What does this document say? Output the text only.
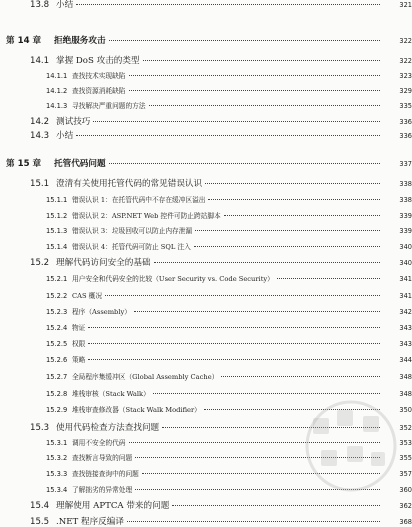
13.8 小结	321
第 14 章	拒绝服务攻击	322
14.1 掌握 DoS 攻击的类型	322
14.1.1 查找技术实现缺陷	323
14.1.2 查找资源消耗缺陷	329
14.1.3 寻找解决严重问题的方法	335
14.2 测试技巧	336
14.3 小结	336
第 15 章	托管代码问题	337
15.1 澄清有关使用托管代码的常见错误认识	338
15.1.1 错误认识 1：在托管代码中不存在缓冲区溢出	338
15.1.2 错误认识 2：ASP.NET Web 控件可防止跨站脚本	339
15.1.3 错误认识 3：垃圾回收可以防止内存泄漏	339
15.1.4 错误认识 4：托管代码可防止 SQL 注入	340
15.2 理解代码访问安全的基础	340
15.2.1 用户安全和代码安全的比较（User Security vs. Code Security）	341
15.2.2 CAS 概况	341
15.2.3 程序（Assembly）	342
15.2.4 物证	343
15.2.5 权限	343
15.2.6 策略	344
15.2.7 全局程序集缓冲区（Global Assembly Cache）	348
15.2.8 堆栈审核（Stack Walk）	348
15.2.9 堆栈审查修改器（Stack Walk Modifier）	350
15.3 使用代码检查方法查找问题	352
15.3.1 调用不安全的代码	353
15.3.2 查找断言导致的问题	355
15.3.3 查找链接查询中的问题	357
15.3.4 了解拙劣的异常处理	360
15.4 理解使用 APTCA 带来的问题	362
15.5 .NET 程序反编译	368
